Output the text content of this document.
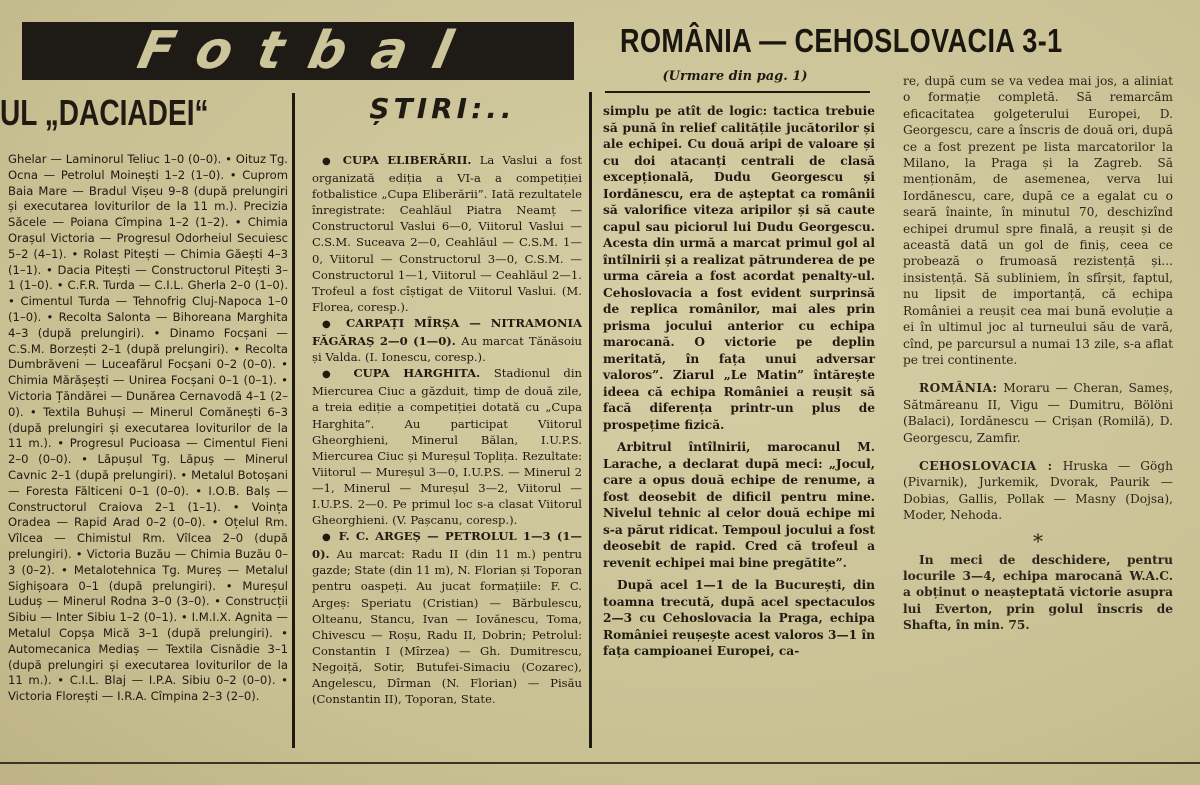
Fotbal	ROMÂNIA — CEHOSLOVACIA 3-1
(Urmare din pag. 1)
UL „DACIADEI“	ȘTIRI:..

Ghelar — Laminorul Teliuc 1–0 (0–0). • Oituz Tg. Ocna — Petrolul Moinești 1–2 (1–0). • Cuprom Baia Mare — Bradul Vișeu 9–8 (după prelungiri și executarea loviturilor de la 11 m.). Precizia Săcele — Poiana Cîmpina 1–2 (1–2). • Chimia Orașul Victoria — Progresul Odorheiul Secuiesc 5–2 (4–1). • Rolast Pitești — Chimia Găești 4–3 (1–1). • Dacia Pitești — Constructorul Pitești 3–1 (1–0). • C.F.R. Turda — C.I.L. Gherla 2–0 (1–0). • Cimentul Turda — Tehnofrig Cluj-Napoca 1–0 (1–0). • Recolta Salonta — Bihoreana Marghita 4–3 (după prelungiri). • Dinamo Focșani — C.S.M. Borzești 2–1 (după prelungiri). • Recolta Dumbrăveni — Luceafărul Focșani 0–2 (0–0). • Chimia Mărășești — Unirea Focșani 0–1 (0–1). • Victoria Țăndărei — Dunărea Cernavodă 4–1 (2–0). • Textila Buhuși — Minerul Comănești 6–3 (după prelungiri și executarea loviturilor de la 11 m.). • Progresul Pucioasa — Cimentul Fieni 2–0 (0–0). • Lăpușul Tg. Lăpuș — Minerul Cavnic 2–1 (după prelungiri). • Metalul Botoșani — Foresta Fălticeni 0–1 (0–0). • I.O.B. Balș — Constructorul Craiova 2–1 (1–1). • Voința Oradea — Rapid Arad 0–2 (0–0). • Oțelul Rm. Vîlcea — Chimistul Rm. Vîlcea 2–0 (după prelungiri). • Victoria Buzău — Chimia Buzău 0–3 (0–2). • Metalotehnica Tg. Mureș — Metalul Sighișoara 0–1 (după prelungiri). • Mureșul Luduș — Minerul Rodna 3–0 (3–0). • Construcții Sibiu — Inter Sibiu 1–2 (0–1). • I.M.I.X. Agnita — Metalul Copșa Mică 3–1 (după prelungiri). • Automecanica Mediaș — Textila Cisnădie 3–1 (după prelungiri și executarea loviturilor de la 11 m.). • C.I.L. Blaj — I.P.A. Sibiu 0–2 (0–0). • Victoria Florești — I.R.A. Cîmpina 2–3 (2–0).

● CUPA ELIBERĂRII. La Vaslui a fost organizată ediția a VI-a a competiției fotbalistice „Cupa Eliberării”. Iată rezultatele înregistrate: Ceahlăul Piatra Neamț — Constructorul Vaslui 6—0, Viitorul Vaslui — C.S.M. Suceava 2—0, Ceahlăul — C.S.M. 1—0, Viitorul — Constructorul 3—0, C.S.M. — Constructorul 1—1, Viitorul — Ceahlăul 2—1. Trofeul a fost cîștigat de Viitorul Vaslui. (M. Florea, coresp.).

● CARPAȚI MÎRȘA — NITRAMONIA FĂGĂRAȘ 2—0 (1—0). Au marcat Tănăsoiu și Valda. (I. Ionescu, coresp.).

● CUPA HARGHITA. Stadionul din Miercurea Ciuc a găzduit, timp de două zile, a treia ediție a competiției dotată cu „Cupa Harghita”. Au participat Viitorul Gheorghieni, Minerul Bălan, I.U.P.S. Miercurea Ciuc și Mureșul Toplița. Rezultate: Viitorul — Mureșul 3—0, I.U.P.S. — Minerul 2—1, Minerul — Mureșul 3—2, Viitorul — I.U.P.S. 2—0. Pe primul loc s-a clasat Viitorul Gheorghieni. (V. Pașcanu, coresp.).

● F. C. ARGEȘ — PETROLUL 1—3 (1—0). Au marcat: Radu II (din 11 m.) pentru gazde; State (din 11 m), N. Florian și Toporan pentru oaspeți. Au jucat formațiile: F. C. Argeș: Speriatu (Cristian) — Bărbulescu, Olteanu, Stancu, Ivan — Iovănescu, Toma, Chivescu — Roșu, Radu II, Dobrin; Petrolul: Constantin I (Mîrzea) — Gh. Dumitrescu, Negoiță, Sotir, Butufei-Simaciu (Cozarec), Angelescu, Dîrman (N. Florian) — Pisău (Constantin II), Toporan, State.

simplu pe atît de logic: tactica trebuie să pună în relief calitățile jucătorilor și ale echipei. Cu două aripi de valoare și cu doi atacanți centrali de clasă excepțională, Dudu Georgescu și Iordănescu, era de așteptat ca românii să valorifice viteza aripilor și să caute capul sau piciorul lui Dudu Georgescu. Acesta din urmă a marcat primul gol al întîlnirii și a realizat pătrunderea de pe urma căreia a fost acordat penalty-ul. Cehoslovacia a fost evident surprinsă de replica românilor, mai ales prin prisma jocului anterior cu echipa marocană. O victorie pe deplin meritată, în fața unui adversar valoros”. Ziarul „Le Matin” întărește ideea că echipa României a reușit să facă diferența printr-un plus de prospețime fizică.

Arbitrul întîlnirii, marocanul M. Larache, a declarat după meci: „Jocul, care a opus două echipe de renume, a fost deosebit de dificil pentru mine. Nivelul tehnic al celor două echipe mi s-a părut ridicat. Tempoul jocului a fost deosebit de rapid. Cred că trofeul a revenit echipei mai bine pregătite”.

După acel 1—1 de la București, din toamna trecută, după acel spectaculos 2—3 cu Cehoslovacia la Praga, echipa României reușește acest valoros 3—1 în fața campioanei Europei, ca-

re, după cum se va vedea mai jos, a aliniat o formație completă. Să remarcăm eficacitatea golgeterului Europei, D. Georgescu, care a înscris de două ori, după ce a fost prezent pe lista marcatorilor la Milano, la Praga și la Zagreb. Să menționăm, de asemenea, verva lui Iordănescu, care, după ce a egalat cu o seară înainte, în minutul 70, deschizînd echipei drumul spre finală, a reușit și de această dată un gol de finiș, ceea ce probează o frumoasă rezistență și... insistență. Să subliniem, în sfîrșit, faptul, nu lipsit de importanță, că echipa României a reușit cea mai bună evoluție a ei în ultimul joc al turneului său de vară, cînd, pe parcursul a numai 13 zile, s-a aflat pe trei continente.

ROMÂNIA: Moraru — Cheran, Sameș, Sătmăreanu II, Vigu — Dumitru, Bölöni (Balaci), Iordănescu — Crișan (Romilă), D. Georgescu, Zamfir.

CEHOSLOVACIA : Hruska — Gögh (Pivarnik), Jurkemik, Dvorak, Paurik — Dobias, Gallis, Pollak — Masny (Dojsa), Moder, Nehoda.

*

In meci de deschidere, pentru locurile 3—4, echipa marocană W.A.C. a obținut o neașteptată victorie asupra lui Everton, prin golul înscris de Shafta, în min. 75.
